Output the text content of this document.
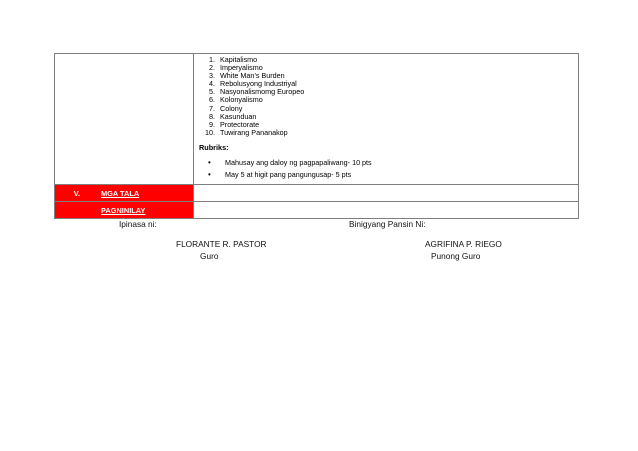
1. Kapitalismo
2. Imperyalismo
3. White Man’s Burden
4. Rebolusyong Industriyal
5. Nasyonalismomg Europeo
6. Kolonyalismo
7. Colony
8. Kasunduan
9. Protectorate
10. Tuwirang Pananakop
Rubriks:
•	Mahusay ang daloy ng pagpapaliwang- 10 pts
•	May 5 at higit pang pangungusap- 5 pts
V.	MGA TALA
PAGNINILAY
Ipinasa ni:	Binigyang Pansin Ni:
FLORANTE R. PASTOR	AGRIFINA P. RIEGO
Guro	Punong Guro
